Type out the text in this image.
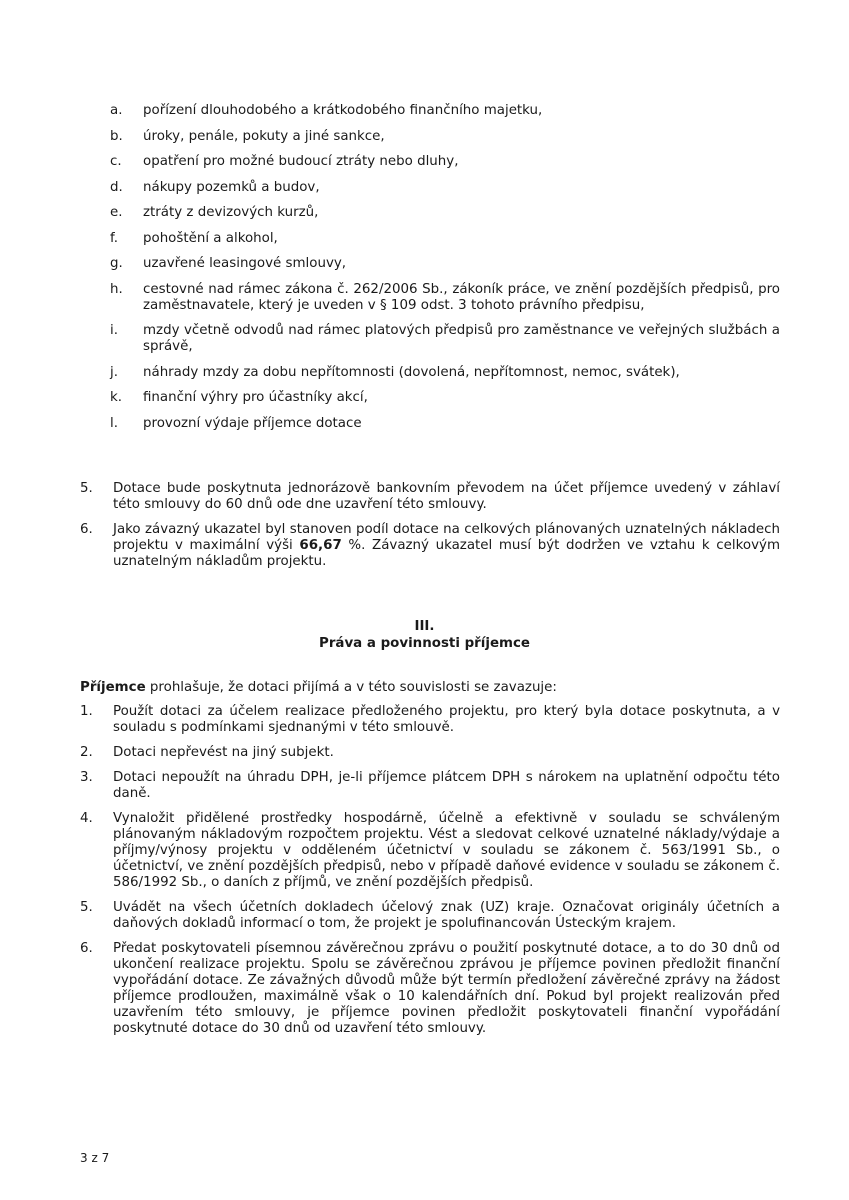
a.	pořízení dlouhodobého a krátkodobého finančního majetku,
b.	úroky, penále, pokuty a jiné sankce,
c.	opatření pro možné budoucí ztráty nebo dluhy,
d.	nákupy pozemků a budov,
e.	ztráty z devizových kurzů,
f.	pohoštění a alkohol,
g.	uzavřené leasingové smlouvy,
h.	cestovné nad rámec zákona č. 262/2006 Sb., zákoník práce, ve znění pozdějších předpisů, pro zaměstnavatele, který je uveden v § 109 odst. 3 tohoto právního předpisu,
i.	mzdy včetně odvodů nad rámec platových předpisů pro zaměstnance ve veřejných službách a správě,
j.	náhrady mzdy za dobu nepřítomnosti (dovolená, nepřítomnost, nemoc, svátek),
k.	finanční výhry pro účastníky akcí,
l.	provozní výdaje příjemce dotace
5.	Dotace bude poskytnuta jednorázově bankovním převodem na účet příjemce uvedený v záhlaví této smlouvy do 60 dnů ode dne uzavření této smlouvy.
6.	Jako závazný ukazatel byl stanoven podíl dotace na celkových plánovaných uznatelných nákladech projektu v maximální výši 66,67 %. Závazný ukazatel musí být dodržen ve vztahu k celkovým uznatelným nákladům projektu.
III.
Práva a povinnosti příjemce
Příjemce prohlašuje, že dotaci přijímá a v této souvislosti se zavazuje:
1.	Použít dotaci za účelem realizace předloženého projektu, pro který byla dotace poskytnuta, a v souladu s podmínkami sjednanými v této smlouvě.
2.	Dotaci nepřevést na jiný subjekt.
3.	Dotaci nepoužít na úhradu DPH, je-li příjemce plátcem DPH s nárokem na uplatnění odpočtu této daně.
4.	Vynaložit přidělené prostředky hospodárně, účelně a efektivně v souladu se schváleným plánovaným nákladovým rozpočtem projektu. Vést a sledovat celkové uznatelné náklady/výdaje a příjmy/výnosy projektu v odděleném účetnictví v souladu se zákonem č. 563/1991 Sb., o účetnictví, ve znění pozdějších předpisů, nebo v případě daňové evidence v souladu se zákonem č. 586/1992 Sb., o daních z příjmů, ve znění pozdějších předpisů.
5.	Uvádět na všech účetních dokladech účelový znak (UZ) kraje. Označovat originály účetních a daňových dokladů informací o tom, že projekt je spolufinancován Ústeckým krajem.
6.	Předat poskytovateli písemnou závěrečnou zprávu o použití poskytnuté dotace, a to do 30 dnů od ukončení realizace projektu. Spolu se závěrečnou zprávou je příjemce povinen předložit finanční vypořádání dotace. Ze závažných důvodů může být termín předložení závěrečné zprávy na žádost příjemce prodloužen, maximálně však o 10 kalendářních dní. Pokud byl projekt realizován před uzavřením této smlouvy, je příjemce povinen předložit poskytovateli finanční vypořádání poskytnuté dotace do 30 dnů od uzavření této smlouvy.
3 z 7
